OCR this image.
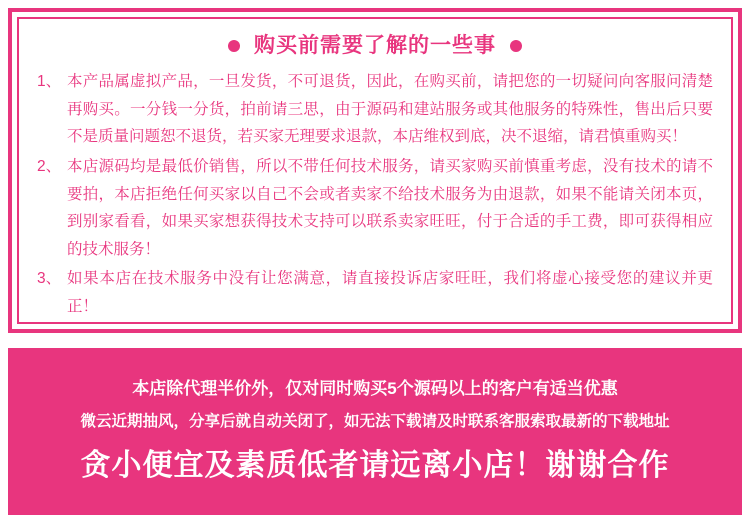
购买前需要了解的一些事
1、 本产品属虚拟产品，一旦发货，不可退货，因此，在购买前，请把您的一切疑问向客服问清楚再购买。一分钱一分货，拍前请三思，由于源码和建站服务或其他服务的特殊性，售出后只要不是质量问题恕不退货，若买家无理要求退款，本店维权到底，决不退缩，请君慎重购买！
2、 本店源码均是最低价销售，所以不带任何技术服务，请买家购买前慎重考虑，没有技术的请不要拍，本店拒绝任何买家以自己不会或者卖家不给技术服务为由退款，如果不能请关闭本页，到别家看看，如果买家想获得技术支持可以联系卖家旺旺，付于合适的手工费，即可获得相应的技术服务！
3、 如果本店在技术服务中没有让您满意，请直接投诉店家旺旺，我们将虚心接受您的建议并更正！
本店除代理半价外，仅对同时购买5个源码以上的客户有适当优惠
微云近期抽风，分享后就自动关闭了，如无法下载请及时联系客服索取最新的下载地址
贪小便宜及素质低者请远离小店！谢谢合作
